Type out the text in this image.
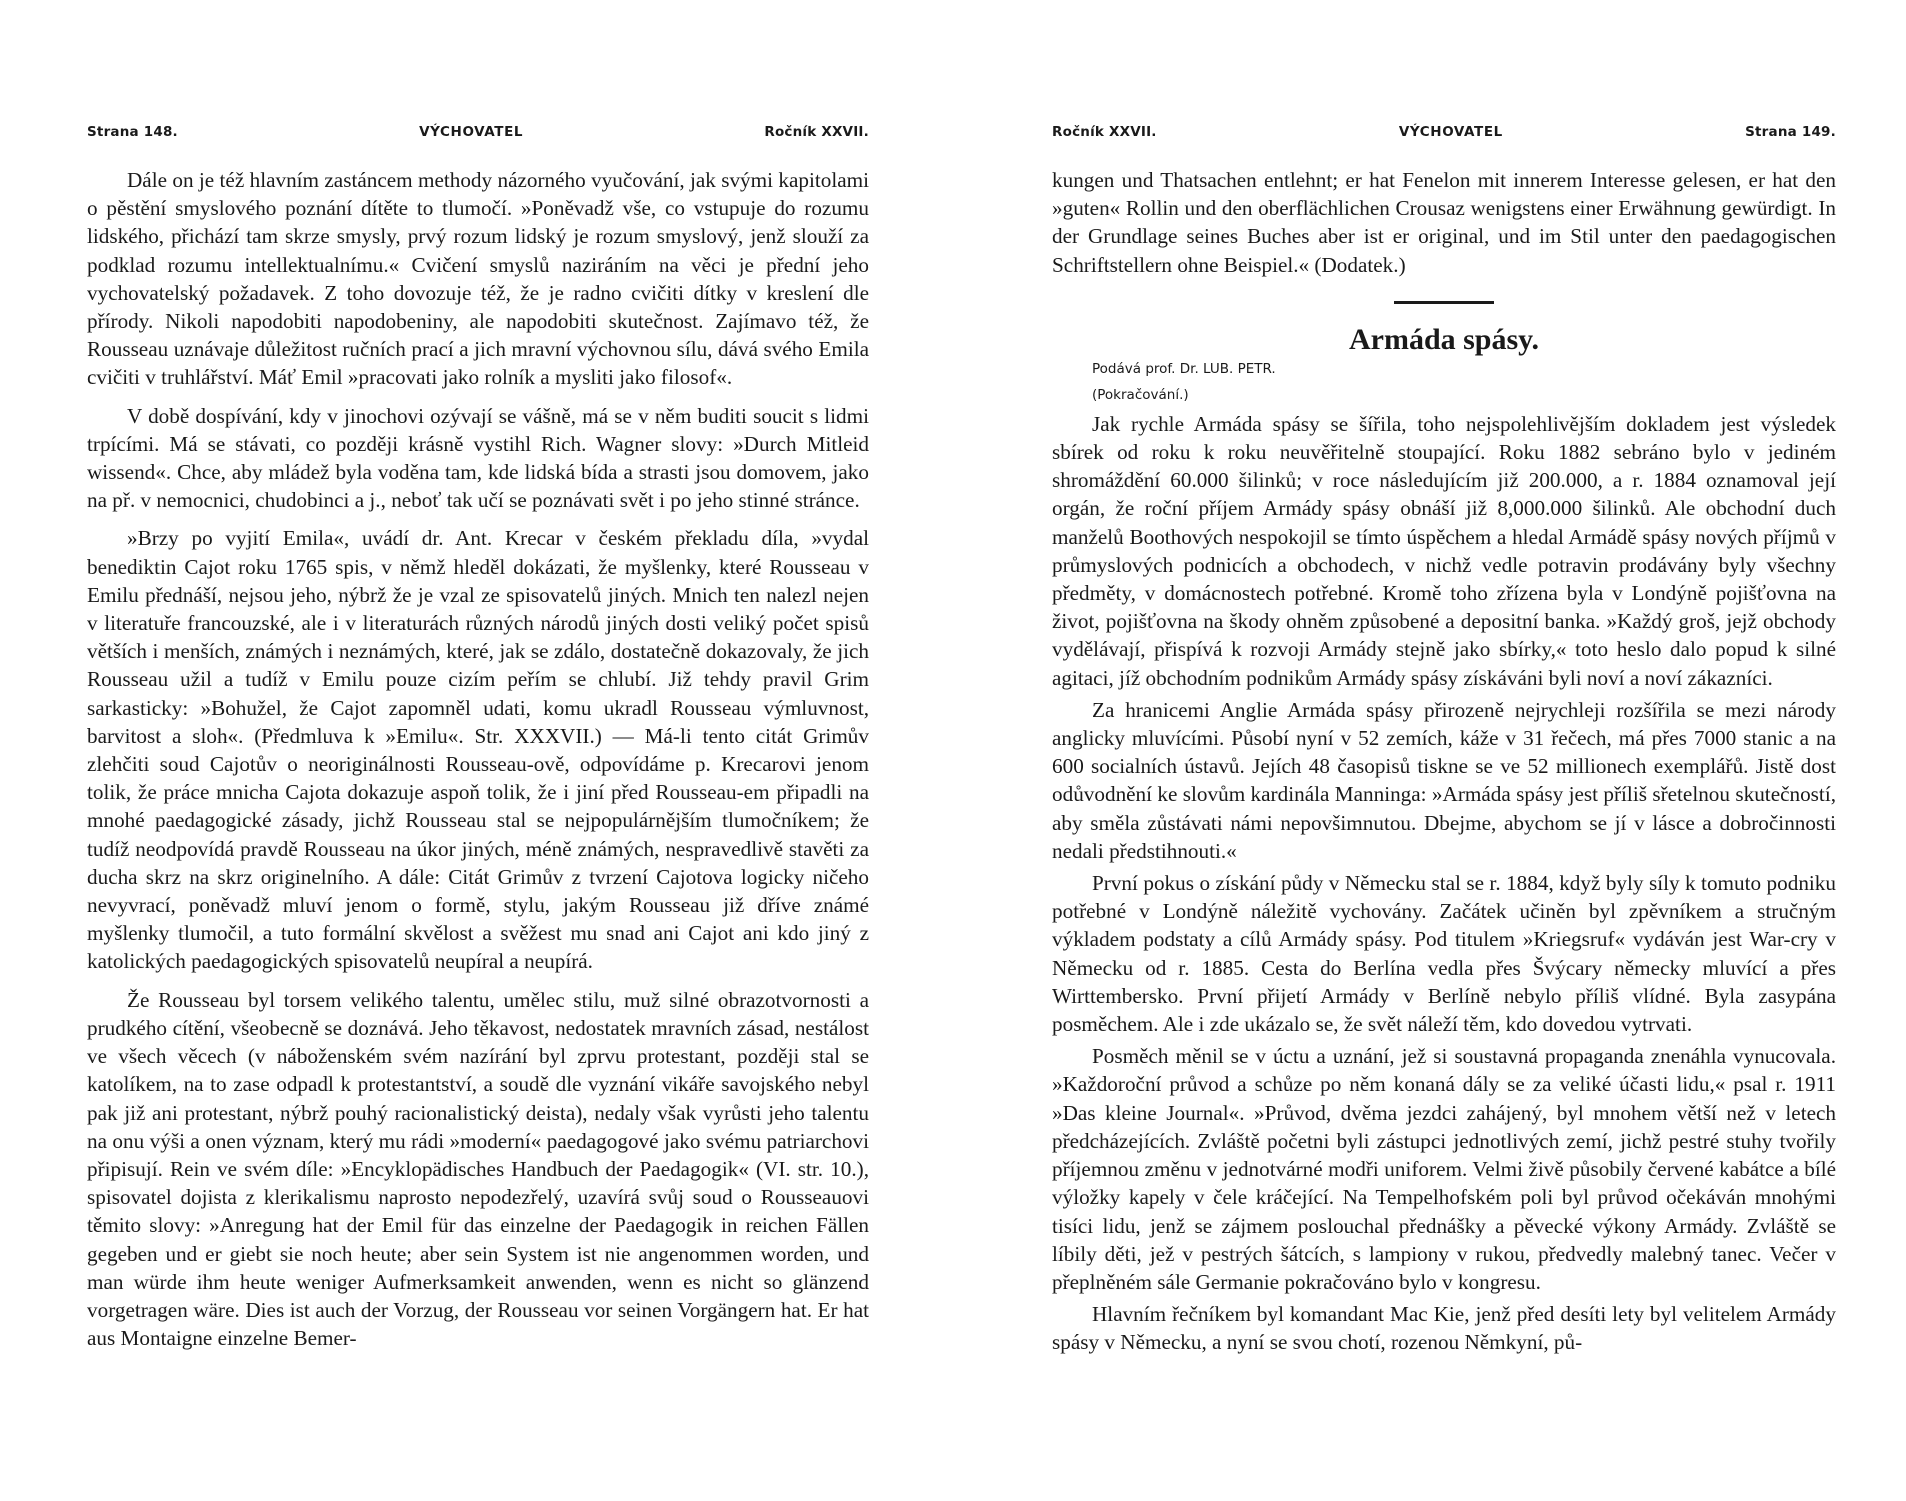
Strana 148.	VÝCHOVATEL	Ročník XXVII.

Dále on je též hlavním zastáncem methody názorného vyučování, jak svými kapitolami o pěstění smyslového poznání dítěte to tlumočí. »Poněvadž vše, co vstupuje do rozumu lidského, přichází tam skrze smysly, prvý rozum lidský je rozum smyslový, jenž slouží za podklad rozumu intellektualnímu.« Cvičení smyslů naziráním na věci je přední jeho vychovatelský požadavek. Z toho dovozuje též, že je radno cvičiti dítky v kreslení dle přírody. Nikoli napodobiti napodobeniny, ale napodobiti skutečnost. Zajímavo též, že Rousseau uznávaje důležitost ručních prací a jich mravní výchovnou sílu, dává svého Emila cvičiti v truhlářství. Máť Emil »pracovati jako rolník a mysliti jako filosof«.

V době dospívání, kdy v jinochovi ozývají se vášně, má se v něm buditi soucit s lidmi trpícími. Má se stávati, co později krásně vystihl Rich. Wagner slovy: »Durch Mitleid wissend«. Chce, aby mládež byla voděna tam, kde lidská bída a strasti jsou domovem, jako na př. v nemocnici, chudobinci a j., neboť tak učí se poznávati svět i po jeho stinné stránce.

»Brzy po vyjití Emila«, uvádí dr. Ant. Krecar v českém překladu díla, »vydal benediktin Cajot roku 1765 spis, v němž hleděl dokázati, že myšlenky, které Rousseau v Emilu přednáší, nejsou jeho, nýbrž že je vzal ze spisovatelů jiných. Mnich ten nalezl nejen v literatuře francouzské, ale i v literaturách různých národů jiných dosti veliký počet spisů větších i menších, známých i neznámých, které, jak se zdálo, dostatečně dokazovaly, že jich Rousseau užil a tudíž v Emilu pouze cizím peřím se chlubí. Již tehdy pravil Grim sarkasticky: »Bohužel, že Cajot zapomněl udati, komu ukradl Rousseau výmluvnost, barvitost a sloh«. (Předmluva k »Emilu«. Str. XXXVII.) — Má-li tento citát Grimův zlehčiti soud Cajotův o neoriginálnosti Rousseau-ově, odpovídáme p. Krecarovi jenom tolik, že práce mnicha Cajota dokazuje aspoň tolik, že i jiní před Rousseau-em připadli na mnohé paedagogické zásady, jichž Rousseau stal se nejpopulárnějším tlumočníkem; že tudíž neodpovídá pravdě Rousseau na úkor jiných, méně známých, nespravedlivě stavěti za ducha skrz na skrz originelního. A dále: Citát Grimův z tvrzení Cajotova logicky ničeho nevyvrací, poněvadž mluví jenom o formě, stylu, jakým Rousseau již dříve známé myšlenky tlumočil, a tuto formální skvělost a svěžest mu snad ani Cajot ani kdo jiný z katolických paedagogických spisovatelů neupíral a neupírá.

Že Rousseau byl torsem velikého talentu, umělec stilu, muž silné obrazotvornosti a prudkého cítění, všeobecně se doznává. Jeho těkavost, nedostatek mravních zásad, nestálost ve všech věcech (v náboženském svém nazírání byl zprvu protestant, později stal se katolíkem, na to zase odpadl k protestantství, a soudě dle vyznání vikáře savojského nebyl pak již ani protestant, nýbrž pouhý racionalistický deista), nedaly však vyrůsti jeho talentu na onu výši a onen význam, který mu rádi »moderní« paedagogové jako svému patriarchovi připisují. Rein ve svém díle: »Encyklopädisches Handbuch der Paedagogik« (VI. str. 10.), spisovatel dojista z klerikalismu naprosto nepodezřelý, uzavírá svůj soud o Rousseauovi těmito slovy: »Anregung hat der Emil für das einzelne der Paedagogik in reichen Fällen gegeben und er giebt sie noch heute; aber sein System ist nie angenommen worden, und man würde ihm heute weniger Aufmerksamkeit anwenden, wenn es nicht so glänzend vorgetragen wäre. Dies ist auch der Vorzug, der Rousseau vor seinen Vorgängern hat. Er hat aus Montaigne einzelne Bemer-

Ročník XXVII.	VÝCHOVATEL	Strana 149.

kungen und Thatsachen entlehnt; er hat Fenelon mit innerem Interesse gelesen, er hat den »guten« Rollin und den oberflächlichen Crousaz wenigstens einer Erwähnung gewürdigt. In der Grundlage seines Buches aber ist er original, und im Stil unter den paedagogischen Schriftstellern ohne Beispiel.« (Dodatek.)

Armáda spásy.

Podává prof. Dr. LUB. PETR.

(Pokračování.)

Jak rychle Armáda spásy se šířila, toho nejspolehlivějším dokladem jest výsledek sbírek od roku k roku neuvěřitelně stoupající. Roku 1882 sebráno bylo v jediném shromáždění 60.000 šilinků; v roce následujícím již 200.000, a r. 1884 oznamoval její orgán, že roční příjem Armády spásy obnáší již 8,000.000 šilinků. Ale obchodní duch manželů Boothových nespokojil se tímto úspěchem a hledal Armádě spásy nových příjmů v průmyslových podnicích a obchodech, v nichž vedle potravin prodávány byly všechny předměty, v domácnostech potřebné. Kromě toho zřízena byla v Londýně pojišťovna na život, pojišťovna na škody ohněm způsobené a depositní banka. »Každý groš, jejž obchody vydělávají, přispívá k rozvoji Armády stejně jako sbírky,« toto heslo dalo popud k silné agitaci, jíž obchodním podnikům Armády spásy získáváni byli noví a noví zákazníci.

Za hranicemi Anglie Armáda spásy přirozeně nejrychleji rozšířila se mezi národy anglicky mluvícími. Působí nyní v 52 zemích, káže v 31 řečech, má přes 7000 stanic a na 600 socialních ústavů. Jejích 48 časopisů tiskne se ve 52 millionech exemplářů. Jistě dost odůvodnění ke slovům kardinála Manninga: »Armáda spásy jest příliš sřetelnou skutečností, aby směla zůstávati námi nepovšimnutou. Dbejme, abychom se jí v lásce a dobročinnosti nedali předstihnouti.«

První pokus o získání půdy v Německu stal se r. 1884, když byly síly k tomuto podniku potřebné v Londýně náležitě vychovány. Začátek učiněn byl zpěvníkem a stručným výkladem podstaty a cílů Armády spásy. Pod titulem »Kriegsruf« vydáván jest War-cry v Německu od r. 1885. Cesta do Berlína vedla přes Švýcary německy mluvící a přes Wirttembersko. První přijetí Armády v Berlíně nebylo příliš vlídné. Byla zasypána posměchem. Ale i zde ukázalo se, že svět náleží těm, kdo dovedou vytrvati.

Posměch měnil se v úctu a uznání, jež si soustavná propaganda znenáhla vynucovala. »Každoroční průvod a schůze po něm konaná dály se za veliké účasti lidu,« psal r. 1911 »Das kleine Journal«. »Průvod, dvěma jezdci zahájený, byl mnohem větší než v letech předcházejících. Zvláště početni byli zástupci jednotlivých zemí, jichž pestré stuhy tvořily příjemnou změnu v jednotvárné modři uniforem. Velmi živě působily červené kabátce a bílé výložky kapely v čele kráčející. Na Tempelhofském poli byl průvod očekáván mnohými tisíci lidu, jenž se zájmem poslouchal přednášky a pěvecké výkony Armády. Zvláště se líbily děti, jež v pestrých šátcích, s lampiony v rukou, předvedly malebný tanec. Večer v přeplněném sále Germanie pokračováno bylo v kongresu.

Hlavním řečníkem byl komandant Mac Kie, jenž před desíti lety byl velitelem Armády spásy v Německu, a nyní se svou chotí, rozenou Němkyní, pů-
